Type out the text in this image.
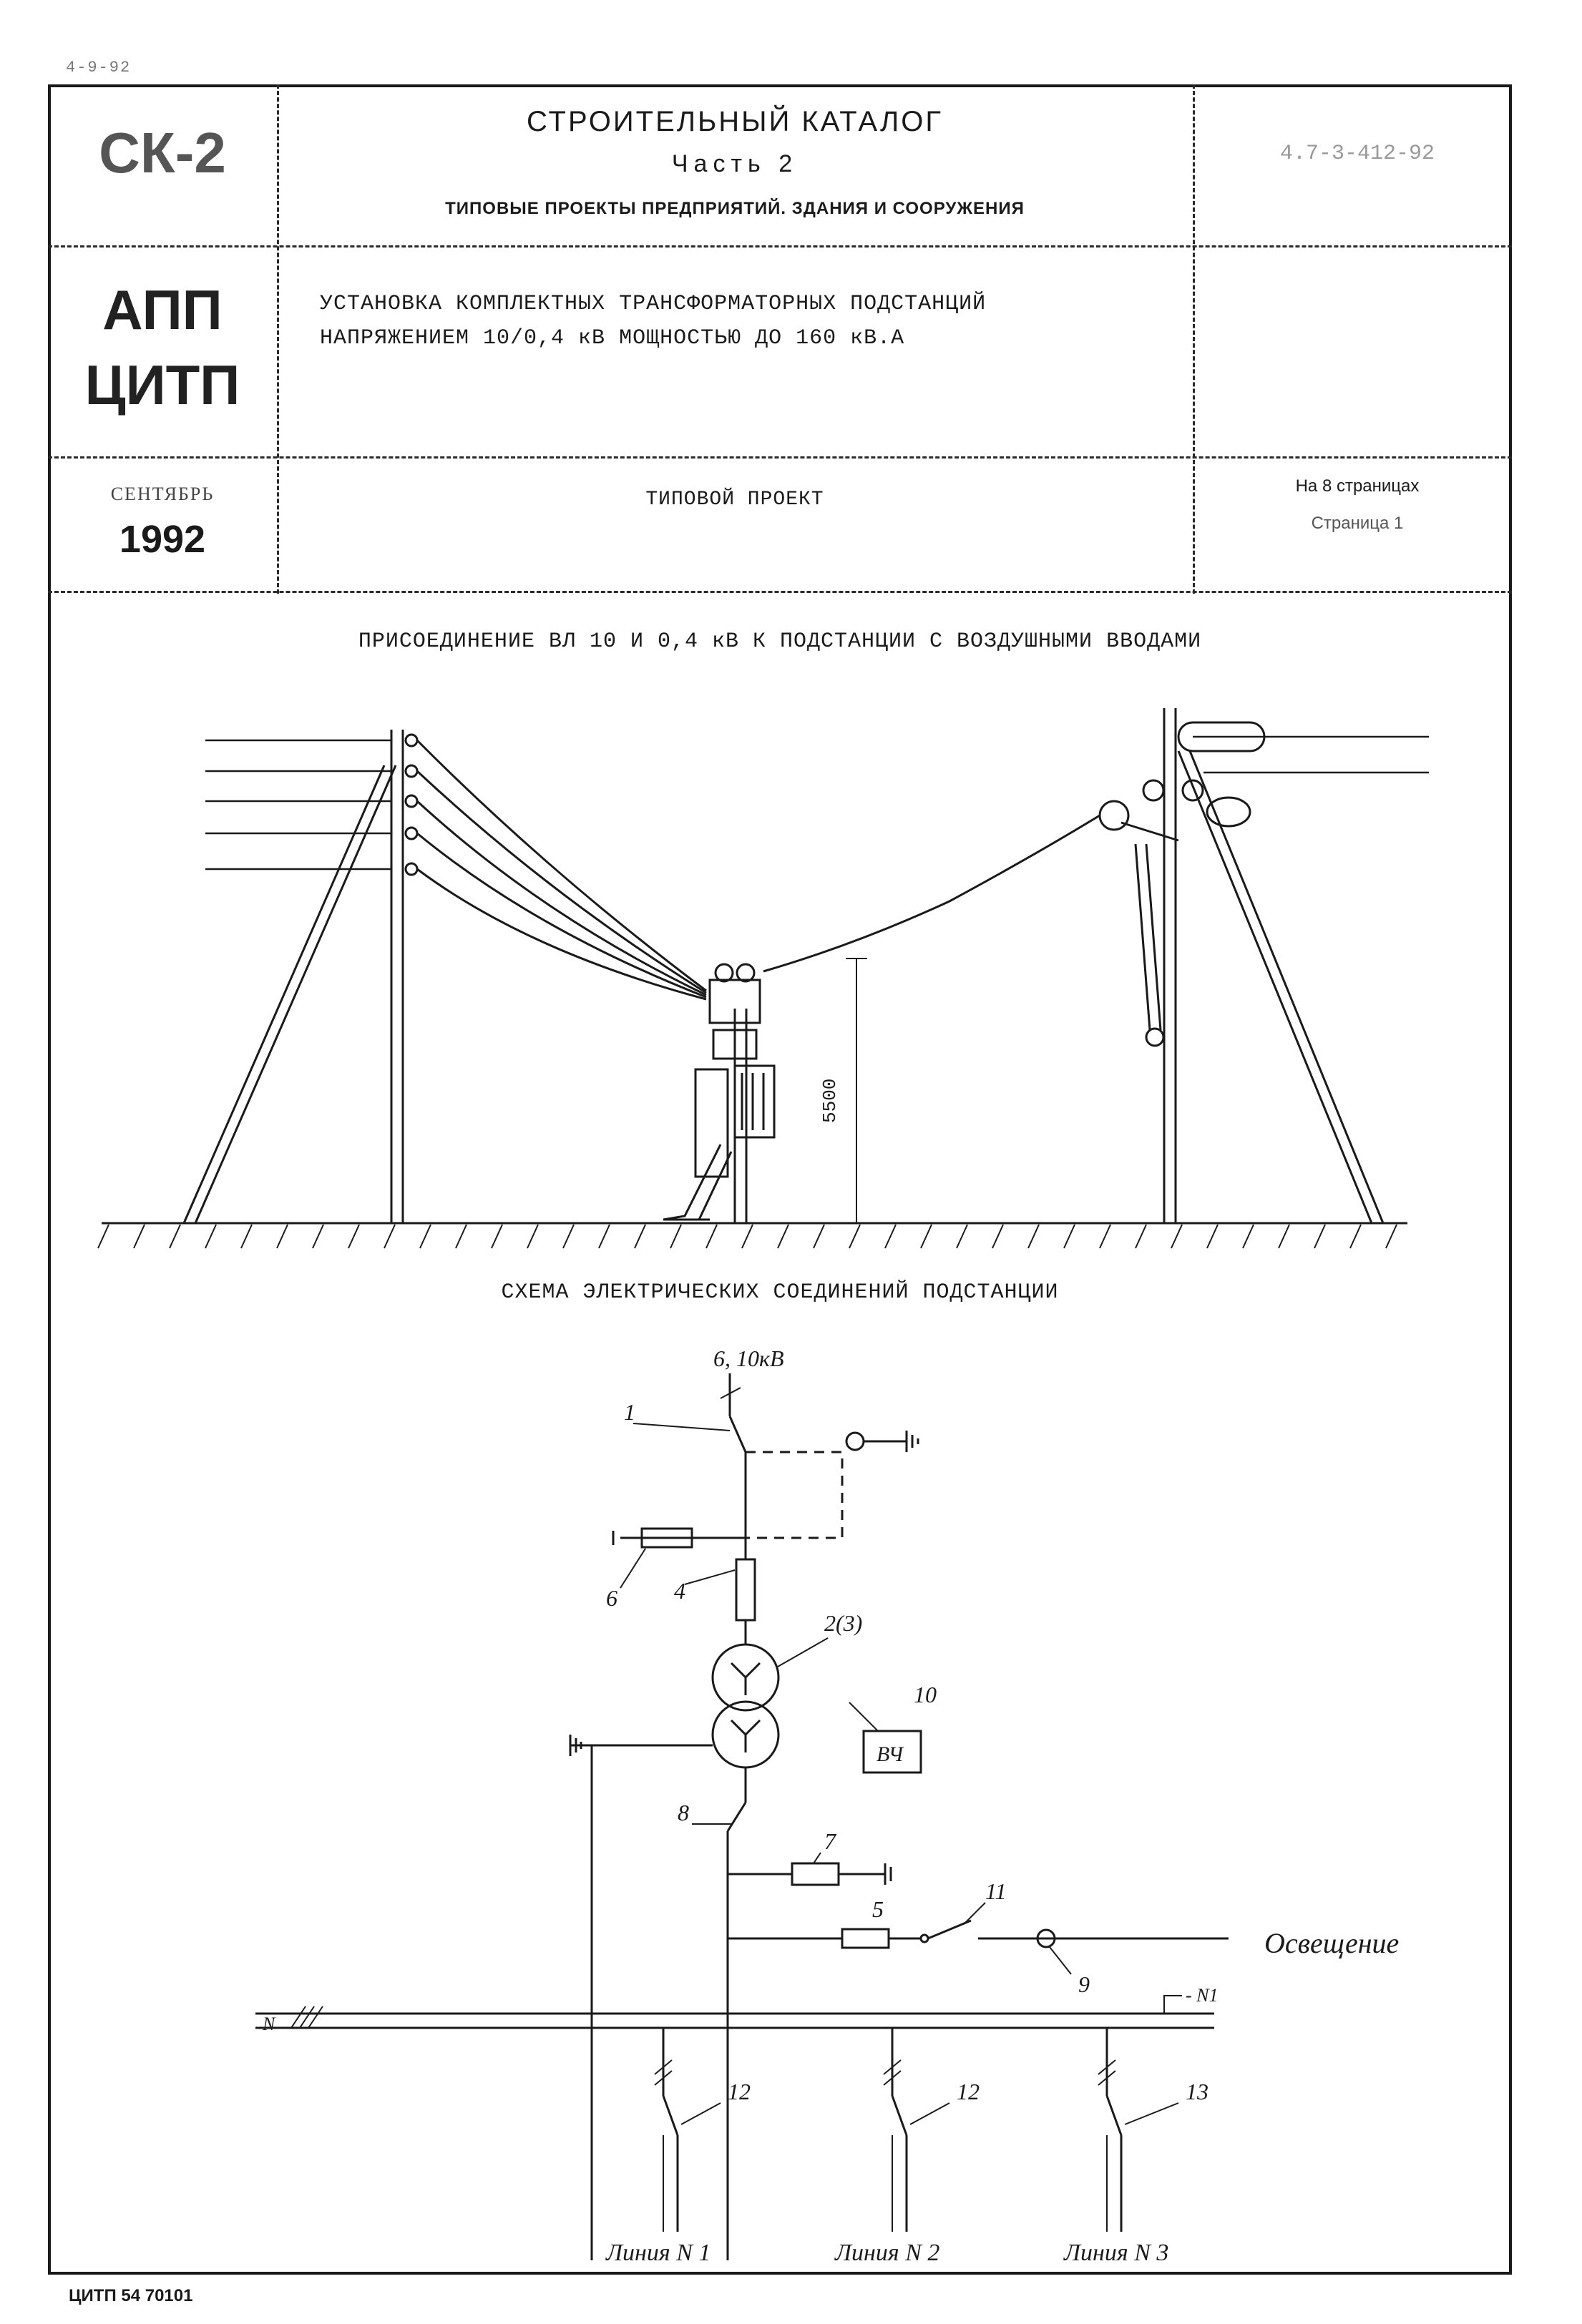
4-9-92
СК-2
АПП
ЦИТП
СТРОИТЕЛЬНЫЙ КАТАЛОГ
Часть 2
ТИПОВЫЕ ПРОЕКТЫ ПРЕДПРИЯТИЙ. ЗДАНИЯ И СООРУЖЕНИЯ
4.7-3-412-92
УСТАНОВКА КОМПЛЕКТНЫХ ТРАНСФОРМАТОРНЫХ ПОДСТАНЦИЙ
НАПРЯЖЕНИЕМ 10/0,4 кВ МОЩНОСТЬЮ ДО 160 кВ.А
ТИПОВОЙ ПРОЕКТ
На 8 страницах
Страница 1
СЕНТЯБРЬ
1992
ПРИСОЕДИНЕНИЕ ВЛ 10 И 0,4 кВ К ПОДСТАНЦИИ С ВОЗДУШНЫМИ ВВОДАМИ
5500
СХЕМА ЭЛЕКТРИЧЕСКИХ СОЕДИНЕНИЙ ПОДСТАНЦИИ
6, 10кВ
ВЧ
1
2(3)
4
5
6
7
8
9
10
11
12	12	13
Освещение
N
- N1
Линия N 1	Линия N 2	Линия N 3
ЦИТП 54 70101
